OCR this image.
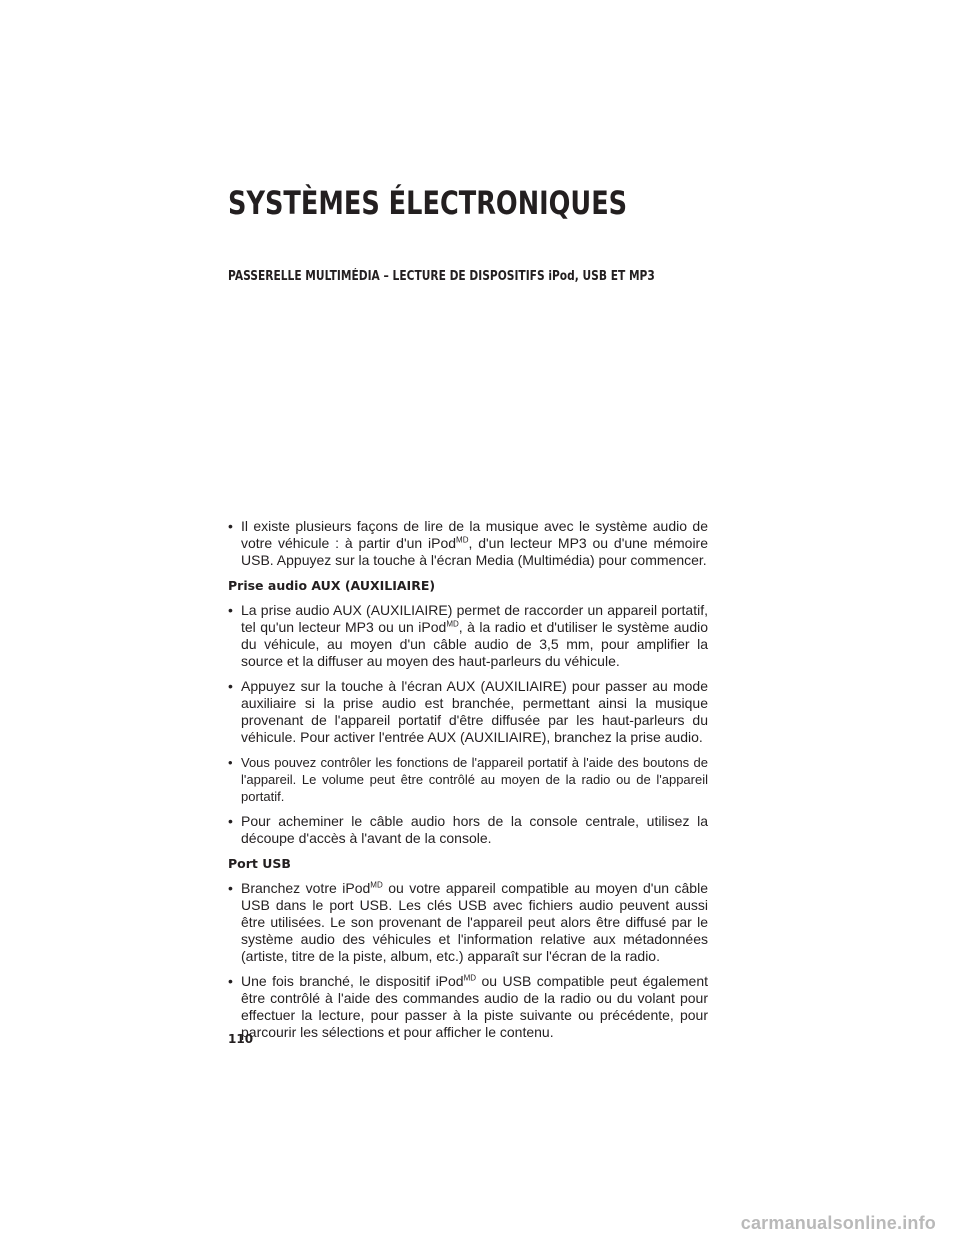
SYSTÈMES ÉLECTRONIQUES
PASSERELLE MULTIMÉDIA – LECTURE DE DISPOSITIFS iPod, USB ET MP3
• Il existe plusieurs façons de lire de la musique avec le système audio de votre véhicule : à partir d'un iPod$^{MD}$, d'un lecteur MP3 ou d'une mémoire USB. Appuyez sur la touche à l'écran Media (Multimédia) pour commencer.
Prise audio AUX (AUXILIAIRE)
• La prise audio AUX (AUXILIAIRE) permet de raccorder un appareil portatif, tel qu'un lecteur MP3 ou un iPod$^{MD}$, à la radio et d'utiliser le système audio du véhicule, au moyen d'un câble audio de 3,5 mm, pour amplifier la source et la diffuser au moyen des haut-parleurs du véhicule.
• Appuyez sur la touche à l'écran AUX (AUXILIAIRE) pour passer au mode auxiliaire si la prise audio est branchée, permettant ainsi la musique provenant de l'appareil portatif d'être diffusée par les haut-parleurs du véhicule. Pour activer l'entrée AUX (AUXILIAIRE), branchez la prise audio.
• Vous pouvez contrôler les fonctions de l'appareil portatif à l'aide des boutons de l'appareil. Le volume peut être contrôlé au moyen de la radio ou de l'appareil portatif.
• Pour acheminer le câble audio hors de la console centrale, utilisez la découpe d'accès à l'avant de la console.
Port USB
• Branchez votre iPod$^{MD}$ ou votre appareil compatible au moyen d'un câble USB dans le port USB. Les clés USB avec fichiers audio peuvent aussi être utilisées. Le son provenant de l'appareil peut alors être diffusé par le système audio des véhicules et l'information relative aux métadonnées (artiste, titre de la piste, album, etc.) apparaît sur l'écran de la radio.
• Une fois branché, le dispositif iPod$^{MD}$ ou USB compatible peut également être contrôlé à l'aide des commandes audio de la radio ou du volant pour effectuer la lecture, pour passer à la piste suivante ou précédente, pour parcourir les sélections et pour afficher le contenu.
110
carmanualsonline.info
